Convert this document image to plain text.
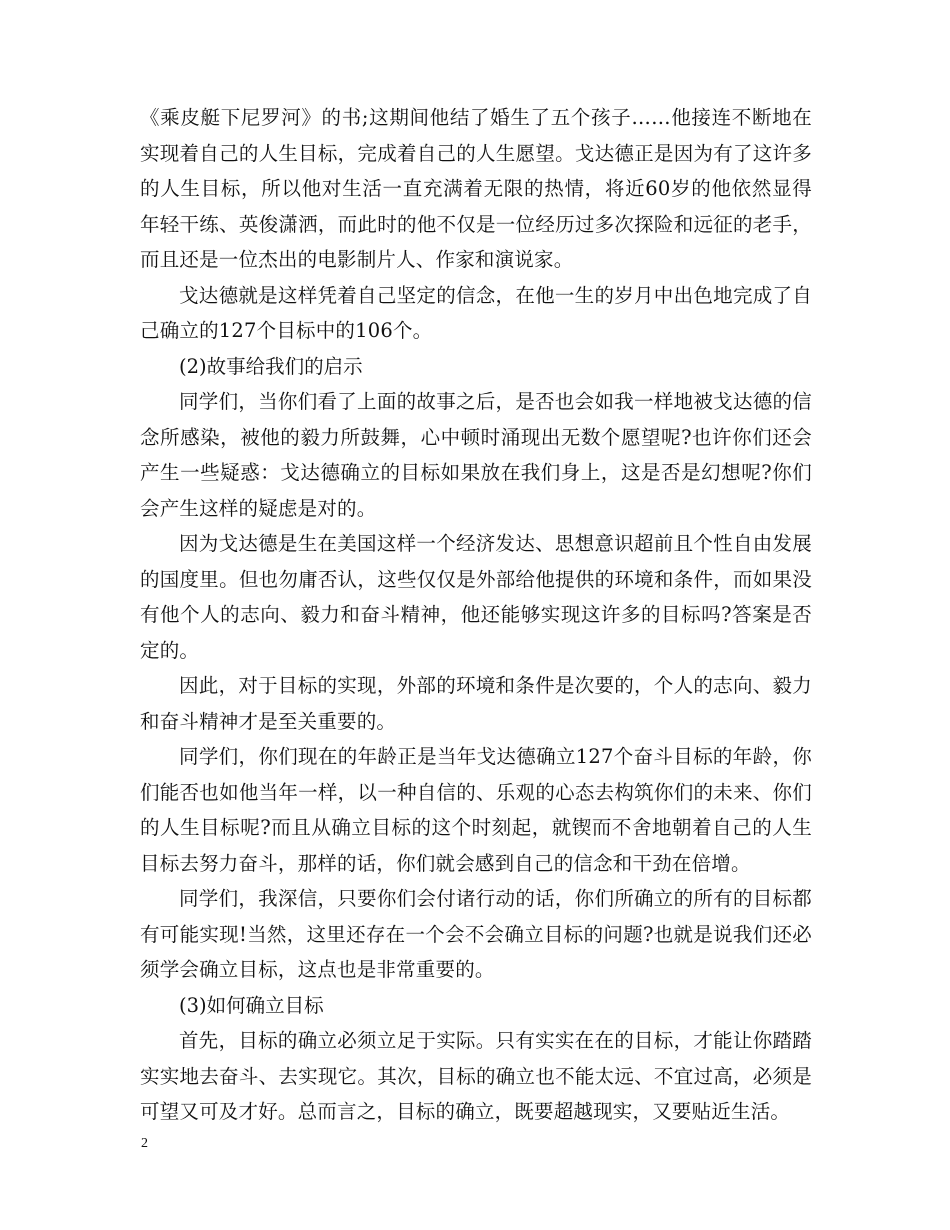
《乘皮艇下尼罗河》的书;这期间他结了婚生了五个孩子……他接连不断地在实现着自己的人生目标，完成着自己的人生愿望。戈达德正是因为有了这许多的人生目标，所以他对生活一直充满着无限的热情，将近60岁的他依然显得年轻干练、英俊潇洒，而此时的他不仅是一位经历过多次探险和远征的老手，而且还是一位杰出的电影制片人、作家和演说家。

戈达德就是这样凭着自己坚定的信念，在他一生的岁月中出色地完成了自己确立的127个目标中的106个。

(2)故事给我们的启示

同学们，当你们看了上面的故事之后，是否也会如我一样地被戈达德的信念所感染，被他的毅力所鼓舞，心中顿时涌现出无数个愿望呢?也许你们还会产生一些疑惑：戈达德确立的目标如果放在我们身上，这是否是幻想呢?你们会产生这样的疑虑是对的。

因为戈达德是生在美国这样一个经济发达、思想意识超前且个性自由发展的国度里。但也勿庸否认，这些仅仅是外部给他提供的环境和条件，而如果没有他个人的志向、毅力和奋斗精神，他还能够实现这许多的目标吗?答案是否定的。

因此，对于目标的实现，外部的环境和条件是次要的，个人的志向、毅力和奋斗精神才是至关重要的。

同学们，你们现在的年龄正是当年戈达德确立127个奋斗目标的年龄，你们能否也如他当年一样，以一种自信的、乐观的心态去构筑你们的未来、你们的人生目标呢?而且从确立目标的这个时刻起，就锲而不舍地朝着自己的人生目标去努力奋斗，那样的话，你们就会感到自己的信念和干劲在倍增。

同学们，我深信，只要你们会付诸行动的话，你们所确立的所有的目标都有可能实现!当然，这里还存在一个会不会确立目标的问题?也就是说我们还必须学会确立目标，这点也是非常重要的。

(3)如何确立目标

首先，目标的确立必须立足于实际。只有实实在在的目标，才能让你踏踏实实地去奋斗、去实现它。其次，目标的确立也不能太远、不宜过高，必须是可望又可及才好。总而言之，目标的确立，既要超越现实，又要贴近生活。

2
